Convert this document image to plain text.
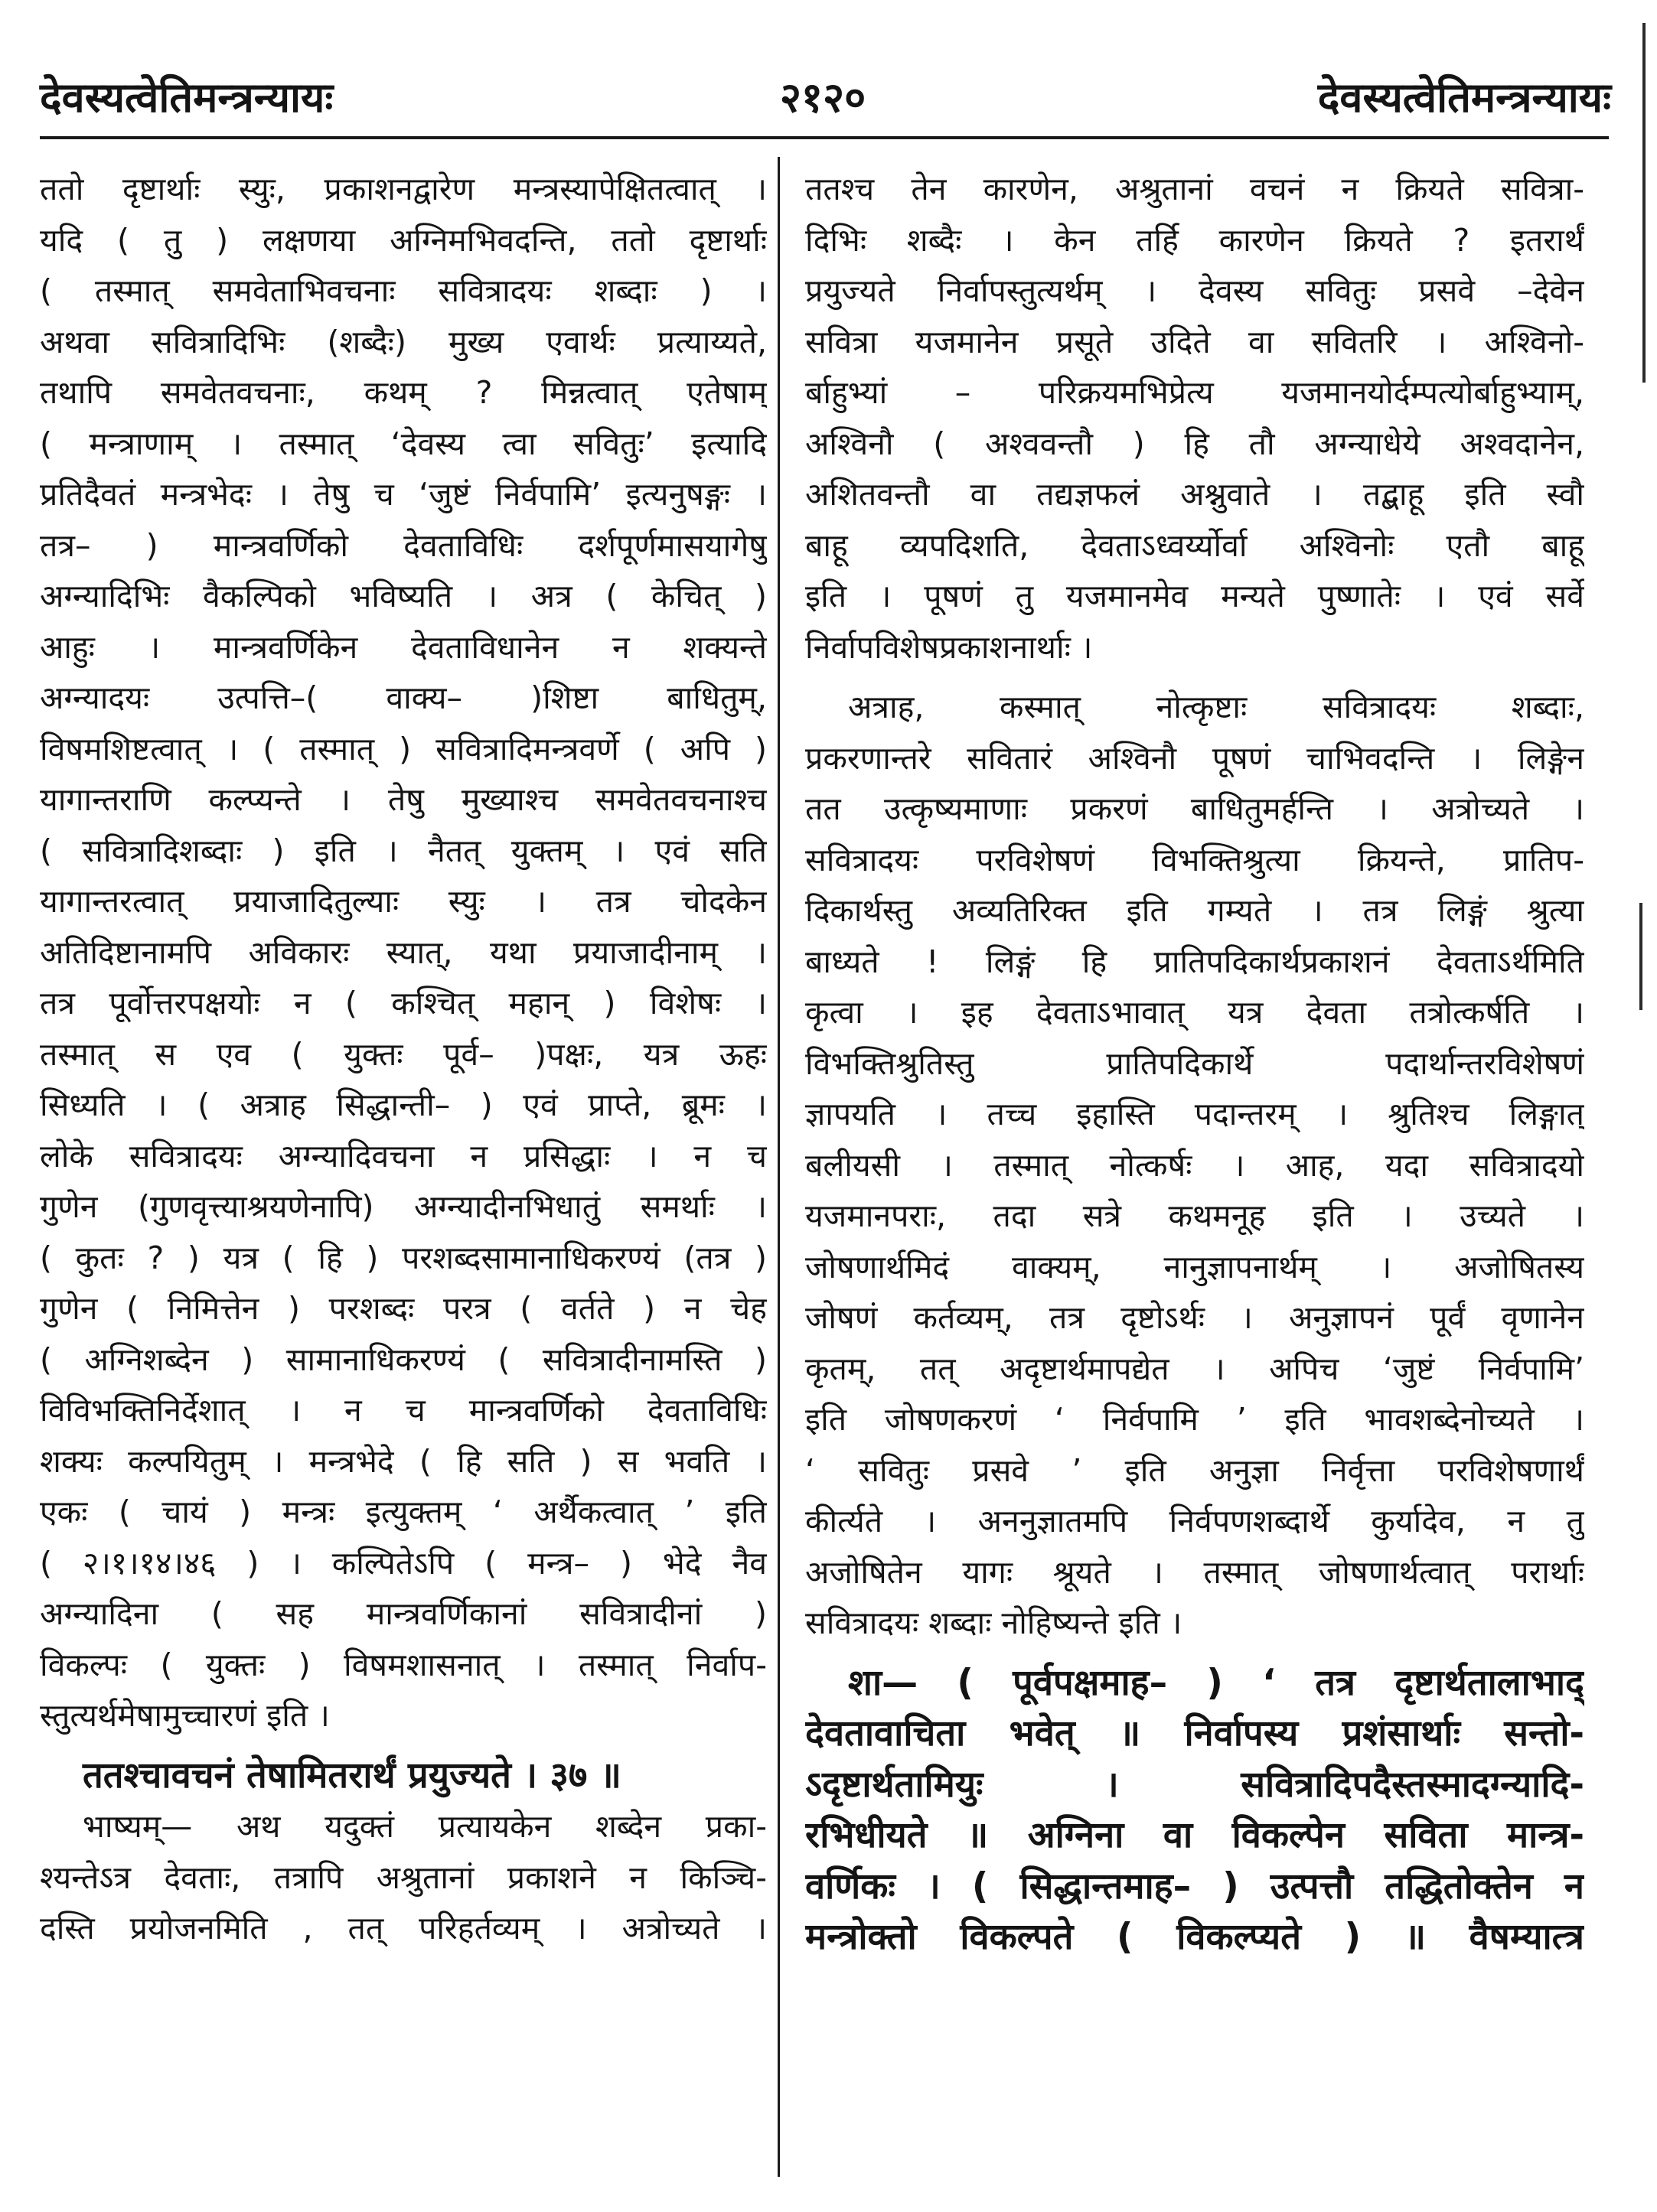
देवस्यत्वेतिमन्त्रन्यायः	२१२०	देवस्यत्वेतिमन्त्रन्यायः
ततो दृष्टार्थाः स्युः, प्रकाशनद्वारेण मन्त्रस्यापेक्षितत्वात् ।
यदि ( तु ) लक्षणया अग्निमभिवदन्ति, ततो दृष्टार्थाः
( तस्मात् समवेताभिवचनाः सवित्रादयः शब्दाः ) ।
अथवा सवित्रादिभिः (शब्दैः) मुख्य एवार्थः प्रत्याय्यते,
तथापि समवेतवचनाः, कथम् ? मिन्नत्वात् एतेषाम्
( मन्त्राणाम् । तस्मात् ‘देवस्य त्वा सवितुः’ इत्यादि
प्रतिदैवतं मन्त्रभेदः । तेषु च ‘जुष्टं निर्वपामि’ इत्यनुषङ्गः ।
तत्र– ) मान्त्रवर्णिको देवताविधिः दर्शपूर्णमासयागेषु
अग्न्यादिभिः वैकल्पिको भविष्यति । अत्र ( केचित् )
आहुः । मान्त्रवर्णिकेन देवताविधानेन न शक्यन्ते
अग्न्यादयः उत्पत्ति–( वाक्य– )शिष्टा बाधितुम्,
विषमशिष्टत्वात् । ( तस्मात् ) सवित्रादिमन्त्रवर्णे ( अपि )
यागान्तराणि कल्प्यन्ते । तेषु मुख्याश्च समवेतवचनाश्च
( सवित्रादिशब्दाः ) इति । नैतत् युक्तम् । एवं सति
यागान्तरत्वात् प्रयाजादितुल्याः स्युः । तत्र चोदकेन
अतिदिष्टानामपि अविकारः स्यात्, यथा प्रयाजादीनाम् ।
तत्र पूर्वोत्तरपक्षयोः न ( कश्चित् महान् ) विशेषः ।
तस्मात् स एव ( युक्तः पूर्व– )पक्षः, यत्र ऊहः
सिध्यति । ( अत्राह सिद्धान्ती– ) एवं प्राप्ते, ब्रूमः ।
लोके सवित्रादयः अग्न्यादिवचना न प्रसिद्धाः । न च
गुणेन (गुणवृत्त्याश्रयणेनापि) अग्न्यादीनभिधातुं समर्थाः ।
( कुतः ? ) यत्र ( हि ) परशब्दसामानाधिकरण्यं (तत्र )
गुणेन ( निमित्तेन ) परशब्दः परत्र ( वर्तते ) न चेह
( अग्निशब्देन ) सामानाधिकरण्यं ( सवित्रादीनामस्ति )
विविभक्तिनिर्देशात् । न च मान्त्रवर्णिको देवताविधिः
शक्यः कल्पयितुम् । मन्त्रभेदे ( हि सति ) स भवति ।
एकः ( चायं ) मन्त्रः इत्युक्तम् ‘ अर्थैकत्वात् ’ इति
( २।१।१४।४६ ) । कल्पितेऽपि ( मन्त्र– ) भेदे नैव
अग्न्यादिना ( सह मान्त्रवर्णिकानां सवित्रादीनां )
विकल्पः ( युक्तः ) विषमशासनात् । तस्मात् निर्वाप-
स्तुत्यर्थमेषामुच्चारणं इति ।
ततश्चावचनं तेषामितरार्थं प्रयुज्यते । ३७ ॥
भाष्यम्— अथ यदुक्तं प्रत्यायकेन शब्देन प्रका-
श्यन्तेऽत्र देवताः, तत्रापि अश्रुतानां प्रकाशने न किञ्चि-
दस्ति प्रयोजनमिति , तत् परिहर्तव्यम् । अत्रोच्यते ।
ततश्च तेन कारणेन, अश्रुतानां वचनं न क्रियते सवित्रा-
दिभिः शब्दैः । केन तर्हि कारणेन क्रियते ? इतरार्थं
प्रयुज्यते निर्वापस्तुत्यर्थम् । देवस्य सवितुः प्रसवे –देवेन
सवित्रा यजमानेन प्रसूते उदिते वा सवितरि । अश्विनो-
र्बाहुभ्यां – परिक्रयमभिप्रेत्य यजमानयोर्दम्पत्योर्बाहुभ्याम्,
अश्विनौ ( अश्ववन्तौ ) हि तौ अग्न्याधेये अश्वदानेन,
अशितवन्तौ वा तद्यज्ञफलं अश्नुवाते । तद्बाहू इति स्वौ
बाहू व्यपदिशति, देवताऽध्वर्य्योर्वा अश्विनोः एतौ बाहू
इति । पूषणं तु यजमानमेव मन्यते पुष्णातेः । एवं सर्वे
निर्वापविशेषप्रकाशनार्थाः ।
अत्राह, कस्मात् नोत्कृष्टाः सवित्रादयः शब्दाः,
प्रकरणान्तरे सवितारं अश्विनौ पूषणं चाभिवदन्ति । लिङ्गेन
तत उत्कृष्यमाणाः प्रकरणं बाधितुमर्हन्ति । अत्रोच्यते ।
सवित्रादयः परविशेषणं विभक्तिश्रुत्या क्रियन्ते, प्रातिप-
दिकार्थस्तु अव्यतिरिक्त इति गम्यते । तत्र लिङ्गं श्रुत्या
बाध्यते ! लिङ्गं हि प्रातिपदिकार्थप्रकाशनं देवताऽर्थमिति
कृत्वा । इह देवताऽभावात् यत्र देवता तत्रोत्कर्षति ।
विभक्तिश्रुतिस्तु प्रातिपदिकार्थे पदार्थान्तरविशेषणं
ज्ञापयति । तच्च इहास्ति पदान्तरम् । श्रुतिश्च लिङ्गात्
बलीयसी । तस्मात् नोत्कर्षः । आह, यदा सवित्रादयो
यजमानपराः, तदा सत्रे कथमनूह इति । उच्यते ।
जोषणार्थमिदं वाक्यम्, नानुज्ञापनार्थम् । अजोषितस्य
जोषणं कर्तव्यम्, तत्र दृष्टोऽर्थः । अनुज्ञापनं पूर्वं वृणानेन
कृतम्, तत् अदृष्टार्थमापद्येत । अपिच ‘जुष्टं निर्वपामि’
इति जोषणकरणं ‘ निर्वपामि ’ इति भावशब्देनोच्यते ।
‘ सवितुः प्रसवे ’ इति अनुज्ञा निर्वृत्ता परविशेषणार्थं
कीर्त्यते । अननुज्ञातमपि निर्वपणशब्दार्थे कुर्यादेव, न तु
अजोषितेन यागः श्रूयते । तस्मात् जोषणार्थत्वात् परार्थाः
सवित्रादयः शब्दाः नोहिष्यन्ते इति ।
शा— ( पूर्वपक्षमाह– ) ‘ तत्र दृष्टार्थतालाभाद्
देवतावाचिता भवेत् ॥ निर्वापस्य प्रशंसार्थाः सन्तो-
ऽदृष्टार्थतामियुः । सवित्रादिपदैस्तस्मादग्न्यादि-
रभिधीयते ॥ अग्निना वा विकल्पेन सविता मान्त्र-
वर्णिकः । ( सिद्धान्तमाह– ) उत्पत्तौ तद्धितोक्तेन न
मन्त्रोक्तो विकल्पते ( विकल्प्यते ) ॥ वैषम्यात्त्र
